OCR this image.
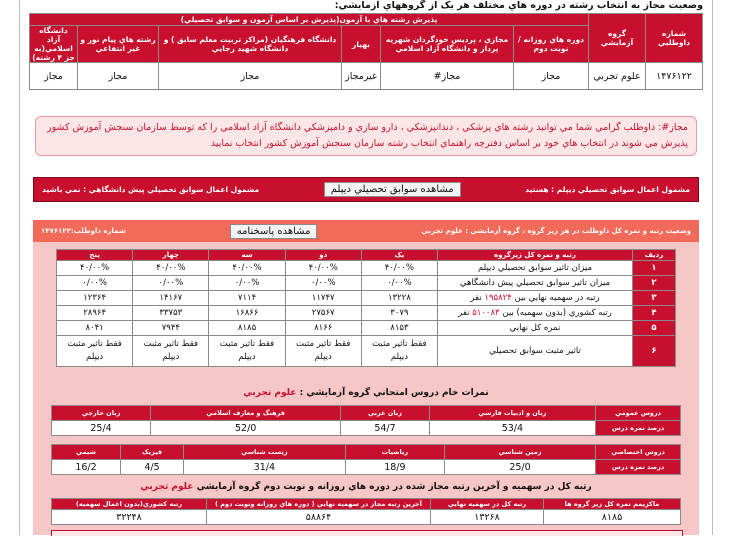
وضعیت مجاز به انتخاب رشته در دوره هاي مختلف هر یک از گروههاي آزمایشي:
شماره داوطلبي	گروه آزمایشي	پذیرش رشته هاي با آزمون(پذیرش بر اساس آزمون و سوابق تحصیلي)					
		دوره هاي روزانه / نوبت دوم	مجازي ، پردیس خودگردان شهریه پرداز و دانشگاه آزاد اسلامي	بهیار	دانشگاه فرهنگیان (مراکز تربیت معلم سابق ) و دانشگاه شهید رجایي	رشته هاي پیام نور و غیر انتفاعي	دانشگاه آزاد اسلامي(به جز ۴ رشته)
۱۴۷۶۱۲۲	علوم تجربي	مجاز	مجاز#	غیرمجاز	مجاز	مجاز	مجاز
مجاز#: داوطلب گرامي شما مي توانید رشته هاي پزشکي ، دندانپزشکي ، دارو سازي و دامپزشکي دانشگاه آزاد اسلامي را که توسط سازمان سنجش آموزش کشور پذیرش مي شوند در انتخاب هاي خود بر اساس دفترچه راهنماي انتخاب رشته سازمان سنجش آموزش کشور انتخاب نمایید
مشمول اعمال سوابق تحصیلي دیپلم : هستید
مشاهده سوابق تحصیلي دیپلم
مشمول اعمال سوابق تحصیلي پیش دانشگاهي : نمي باشید
وضعیت رتبه و نمره کل داوطلب در هر زیر گروه ، گروه آزمایشي : علوم تجربي
مشاهده پاسخنامه
شماره داوطلب:۱۴۷۶۱۲۲
ردیف	رتبه و نمره کل زیرگروه	یک	دو	سه	چهار	پنج
۱	میزان تاثیر سوابق تحصیلي دیپلم	۴۰/۰۰%	۴۰/۰۰%	۴۰/۰۰%	۴۰/۰۰%	۴۰/۰۰%
۲	میزان تاثیر سوابق تحصیلي پیش دانشگاهي	۰/۰۰%	۰/۰۰%	۰/۰۰%	۰/۰۰%	۰/۰۰%
۳	رتبه در سهمیه نهایي بین ۱۹۵۸۲۴ نفر	۱۳۲۲۸	۱۱۷۴۷	۷۱۱۴	۱۴۱۶۷	۱۲۳۶۴
۴	رتبه کشوري (بدون سهمیه) بین ۵۱۰۰۸۳ نفر	۳۰۷۹	۲۷۵۶۷	۱۶۸۶۶	۳۳۷۵۳	۲۸۹۶۴
۵	نمره کل نهایي	۸۱۵۳	۸۱۶۶	۸۱۸۵	۷۹۴۴	۸۰۴۱
۶	تاثیر مثبت سوابق تحصیلي	فقط تاثیر مثبت دیپلم	فقط تاثیر مثبت دیپلم	فقط تاثیر مثبت دیپلم	فقط تاثیر مثبت دیپلم	فقط تاثیر مثبت دیپلم
نمرات خام دروس امتحاني گروه آزمایشي : علوم تجربي
دروس عمومي	زبان و ادبیات فارسي	زبان عربي	فرهنگ و معارف اسلامي	زبان خارجي
درصد نمره درس	53/4	54/7	52/0	25/4
دروس اختصاصي	زمین شناسي	ریاضیات	زیست شناسي	فیزیک	شیمي
درصد نمره درس	25/0	18/9	31/4	4/5	16/2
رتبه کل در سهمیه و آخرین رتبه مجاز شده در دوره هاي روزانه و نوبت دوم گروه آزمایشي علوم تجربي
ماکزیمم نمره کل زیر گروه ها	رتبه کل در سهمیه نهایي	آخرین رتبه مجاز در سهمیه نهایي ( دوره هاي روزانه ونوبت دوم )	رتبه کشوري(بدون اعمال سهمیه)
۸۱۸۵	۱۳۲۶۸	۵۸۸۶۴	۳۲۲۴۸
